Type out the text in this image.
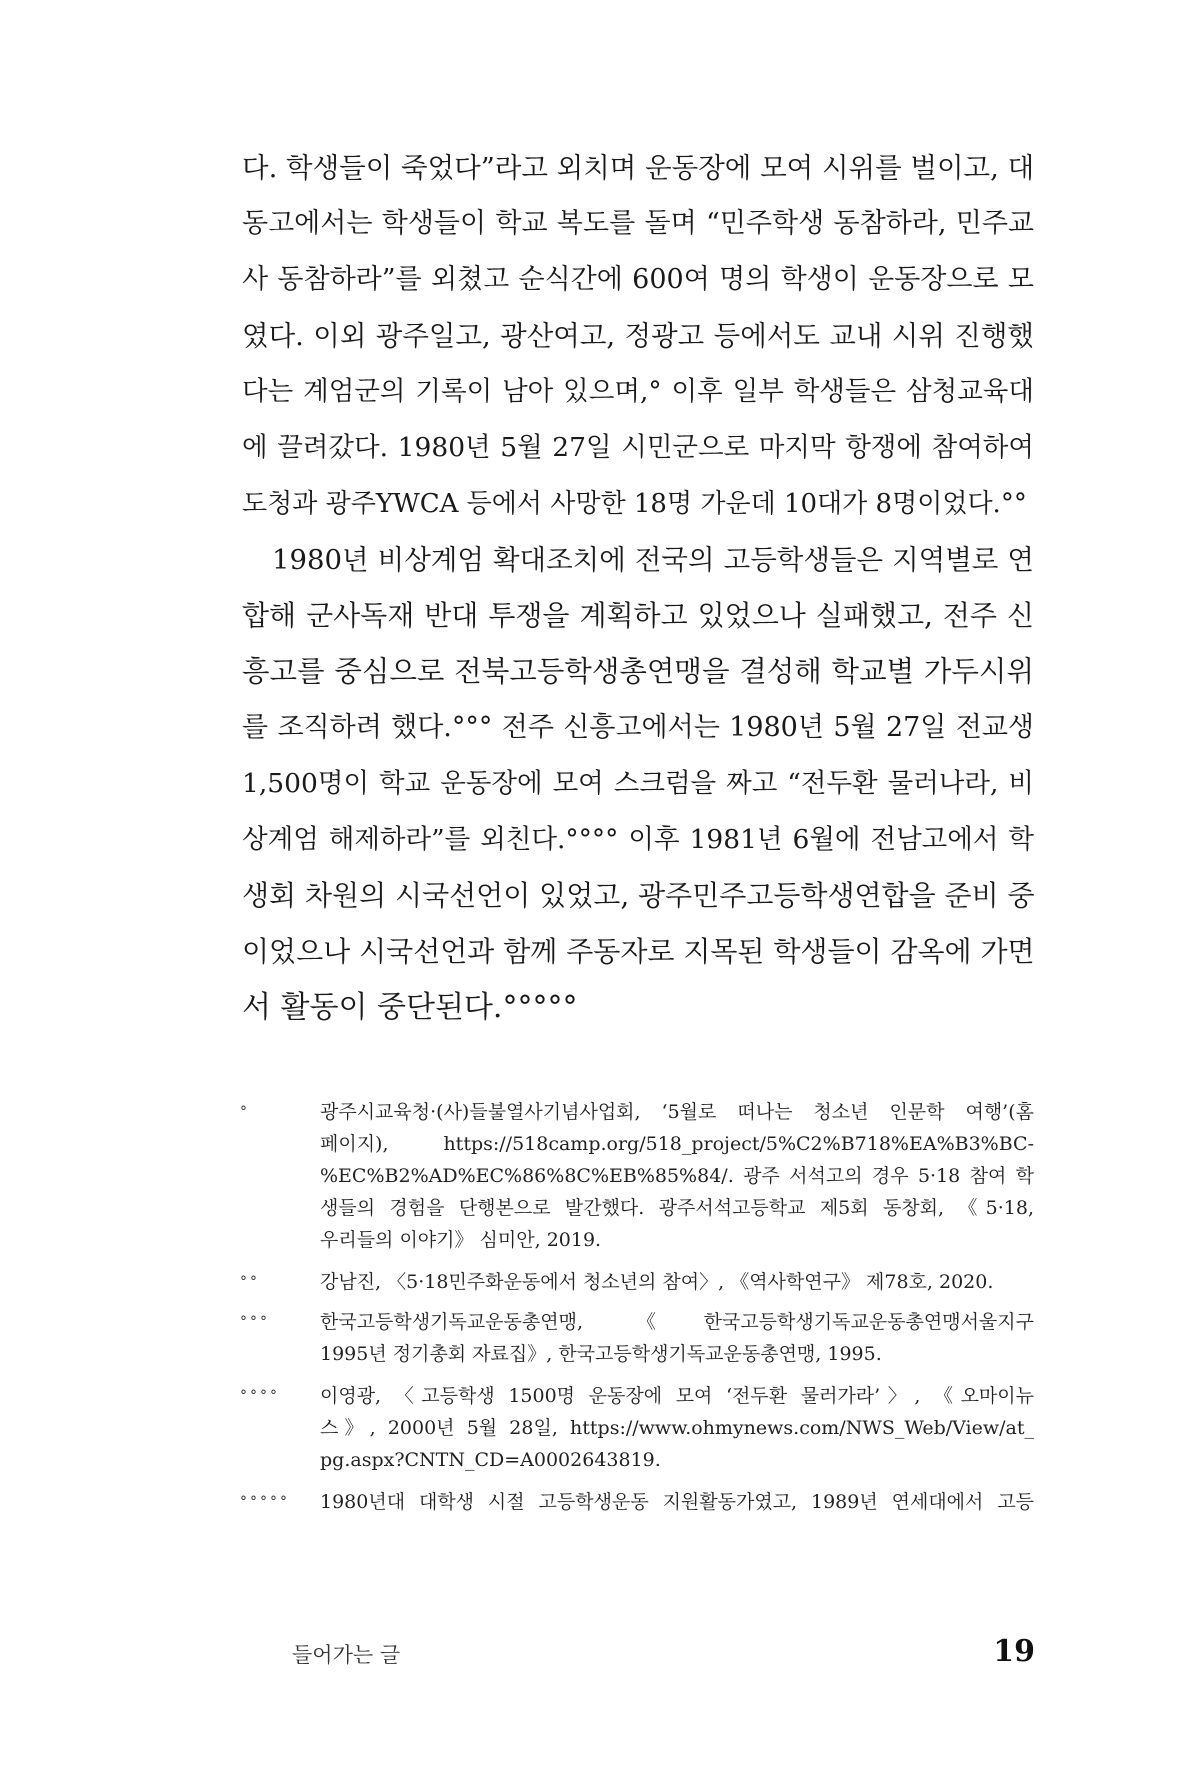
다. 학생들이 죽었다”라고 외치며 운동장에 모여 시위를 벌이고, 대

동고에서는 학생들이 학교 복도를 돌며 “민주학생 동참하라, 민주교

사 동참하라”를 외쳤고 순식간에 600여 명의 학생이 운동장으로 모

였다. 이외 광주일고, 광산여고, 정광고 등에서도 교내 시위 진행했

다는 계엄군의 기록이 남아 있으며,° 이후 일부 학생들은 삼청교육대

에 끌려갔다. 1980년 5월 27일 시민군으로 마지막 항쟁에 참여하여

도청과 광주YWCA 등에서 사망한 18명 가운데 10대가 8명이었다.°°

1980년 비상계엄 확대조치에 전국의 고등학생들은 지역별로 연

합해 군사독재 반대 투쟁을 계획하고 있었으나 실패했고, 전주 신

흥고를 중심으로 전북고등학생총연맹을 결성해 학교별 가두시위

를 조직하려 했다.°°° 전주 신흥고에서는 1980년 5월 27일 전교생

1,500명이 학교 운동장에 모여 스크럼을 짜고 “전두환 물러나라, 비

상계엄 해제하라”를 외친다.°°°° 이후 1981년 6월에 전남고에서 학

생회 차원의 시국선언이 있었고, 광주민주고등학생연합을 준비 중

이었으나 시국선언과 함께 주동자로 지목된 학생들이 감옥에 가면

서 활동이 중단된다.°°°°°

°	광주시교육청·(사)들불열사기념사업회, ‘5월로 떠나는 청소년 인문학 여행’(홈

페이지), https://518camp.org/518_project/5%C2%B718%EA%B3%BC-

%EC%B2%AD%EC%86%8C%EB%85%84/. 광주 서석고의 경우 5·18 참여 학

생들의 경험을 단행본으로 발간했다. 광주서석고등학교 제5회 동창회, 《5·18,

우리들의 이야기》 심미안, 2019.

°°	강남진, 〈5·18민주화운동에서 청소년의 참여〉, 《역사학연구》 제78호, 2020.

°°°	한국고등학생기독교운동총연맹, 《한국고등학생기독교운동총연맹서울지구

1995년 정기총회 자료집》, 한국고등학생기독교운동총연맹, 1995.

°°°°	이영광, 〈고등학생 1500명 운동장에 모여 ‘전두환 물러가라’〉, 《오마이뉴

스》, 2000년 5월 28일, https://www.ohmynews.com/NWS_Web/View/at_

pg.aspx?CNTN_CD=A0002643819.

°°°°°	1980년대 대학생 시절 고등학생운동 지원활동가였고, 1989년 연세대에서 고등

들어가는 글	19
